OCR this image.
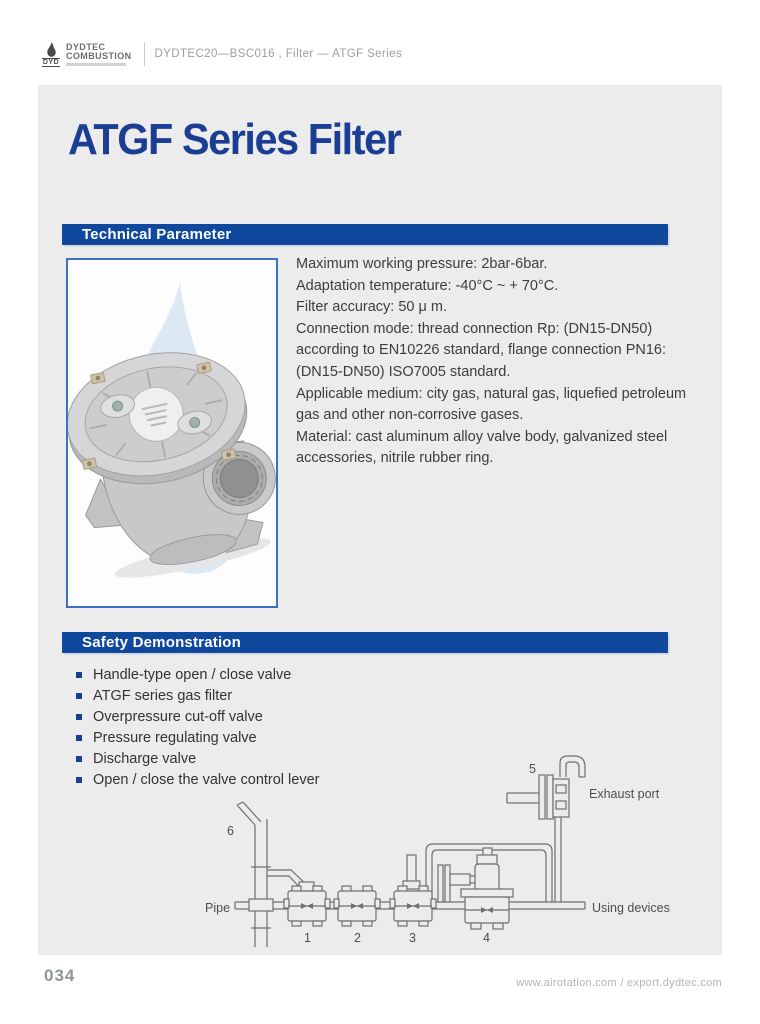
DYD
DYDTEC
COMBUSTION DYDTEC20—BSC016 , Filter — ATGF Series
ATGF Series Filter
Technical Parameter

Maximum working pressure: 2bar-6bar.

Adaptation temperature: -40°C ~ + 70°C.

Filter accuracy: 50 μ m.

Connection mode: thread connection Rp: (DN15-DN50) according to EN10226 standard, flange connection PN16:(DN15-DN50) ISO7005 standard.

Applicable medium: city gas, natural gas, liquefied petroleum gas and other non-corrosive gases.

Material: cast aluminum alloy valve body, galvanized steel accessories, nitrile rubber ring.

Safety Demonstration
Handle-type open / close valve
ATGF series gas filter
Overpressure cut-off valve
Pressure regulating valve
Discharge valve
Open / close the valve control lever
Pipe	Using devices
Exhaust port
1	2	3	4
5
6
034	www.airotation.com / export.dydtec.com
